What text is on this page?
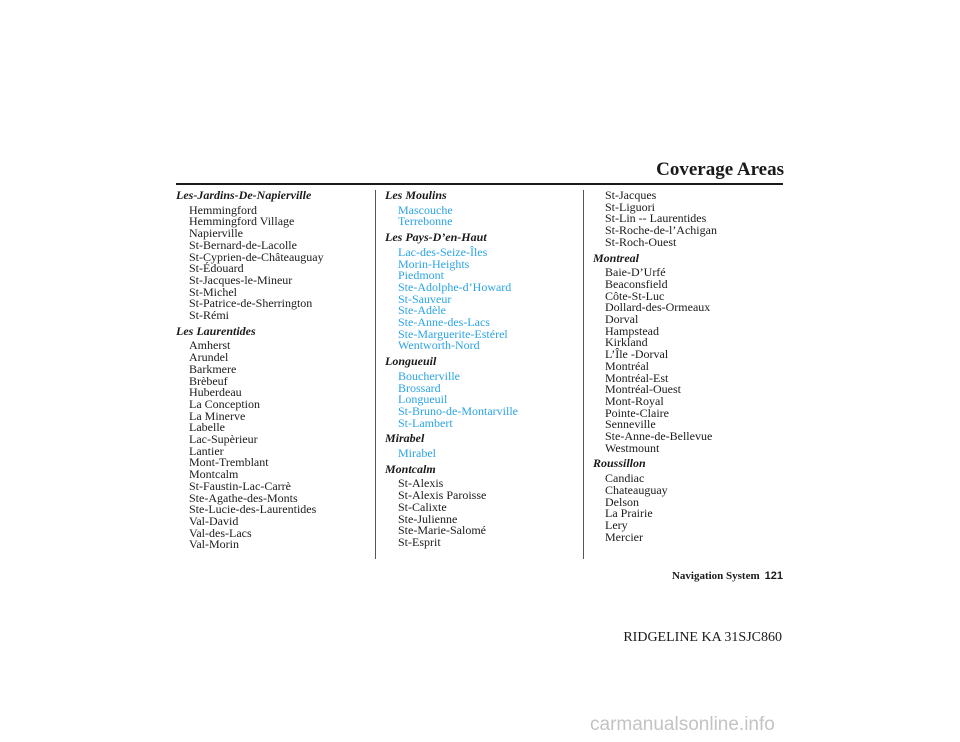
Coverage Areas
Les-Jardins-De-Napierville
Hemmingford
Hemmingford Village
Napierville
St-Bernard-de-Lacolle
St-Cyprien-de-Châteauguay
St-Édouard
St-Jacques-le-Mineur
St-Michel
St-Patrice-de-Sherrington
St-Rémi
Les Laurentides
Amherst
Arundel
Barkmere
Brèbeuf
Huberdeau
La Conception
La Minerve
Labelle
Lac-Supèrieur
Lantier
Mont-Tremblant
Montcalm
St-Faustin-Lac-Carrè
Ste-Agathe-des-Monts
Ste-Lucie-des-Laurentides
Val-David
Val-des-Lacs
Val-Morin
Les Moulins
Mascouche
Terrebonne
Les Pays-D’en-Haut
Lac-des-Seize-Îles
Morin-Heights
Piedmont
Ste-Adolphe-d’Howard
St-Sauveur
Ste-Adèle
Ste-Anne-des-Lacs
Ste-Marguerite-Estérel
Wentworth-Nord
Longueuil
Boucherville
Brossard
Longueuil
St-Bruno-de-Montarville
St-Lambert
Mirabel
Mirabel
Montcalm
St-Alexis
St-Alexis Paroisse
St-Calixte
Ste-Julienne
Ste-Marie-Salomé
St-Esprit
St-Jacques
St-Liguori
St-Lin -- Laurentides
St-Roche-de-l’Achigan
St-Roch-Ouest
Montreal
Baie-D’Urfé
Beaconsfield
Côte-St-Luc
Dollard-des-Ormeaux
Dorval
Hampstead
Kirkland
L’Île -Dorval
Montréal
Montréal-Est
Montréal-Ouest
Mont-Royal
Pointe-Claire
Senneville
Ste-Anne-de-Bellevue
Westmount
Roussillon
Candiac
Chateauguay
Delson
La Prairie
Lery
Mercier
Navigation System 121
RIDGELINE KA 31SJC860
carmanualsonline.info
